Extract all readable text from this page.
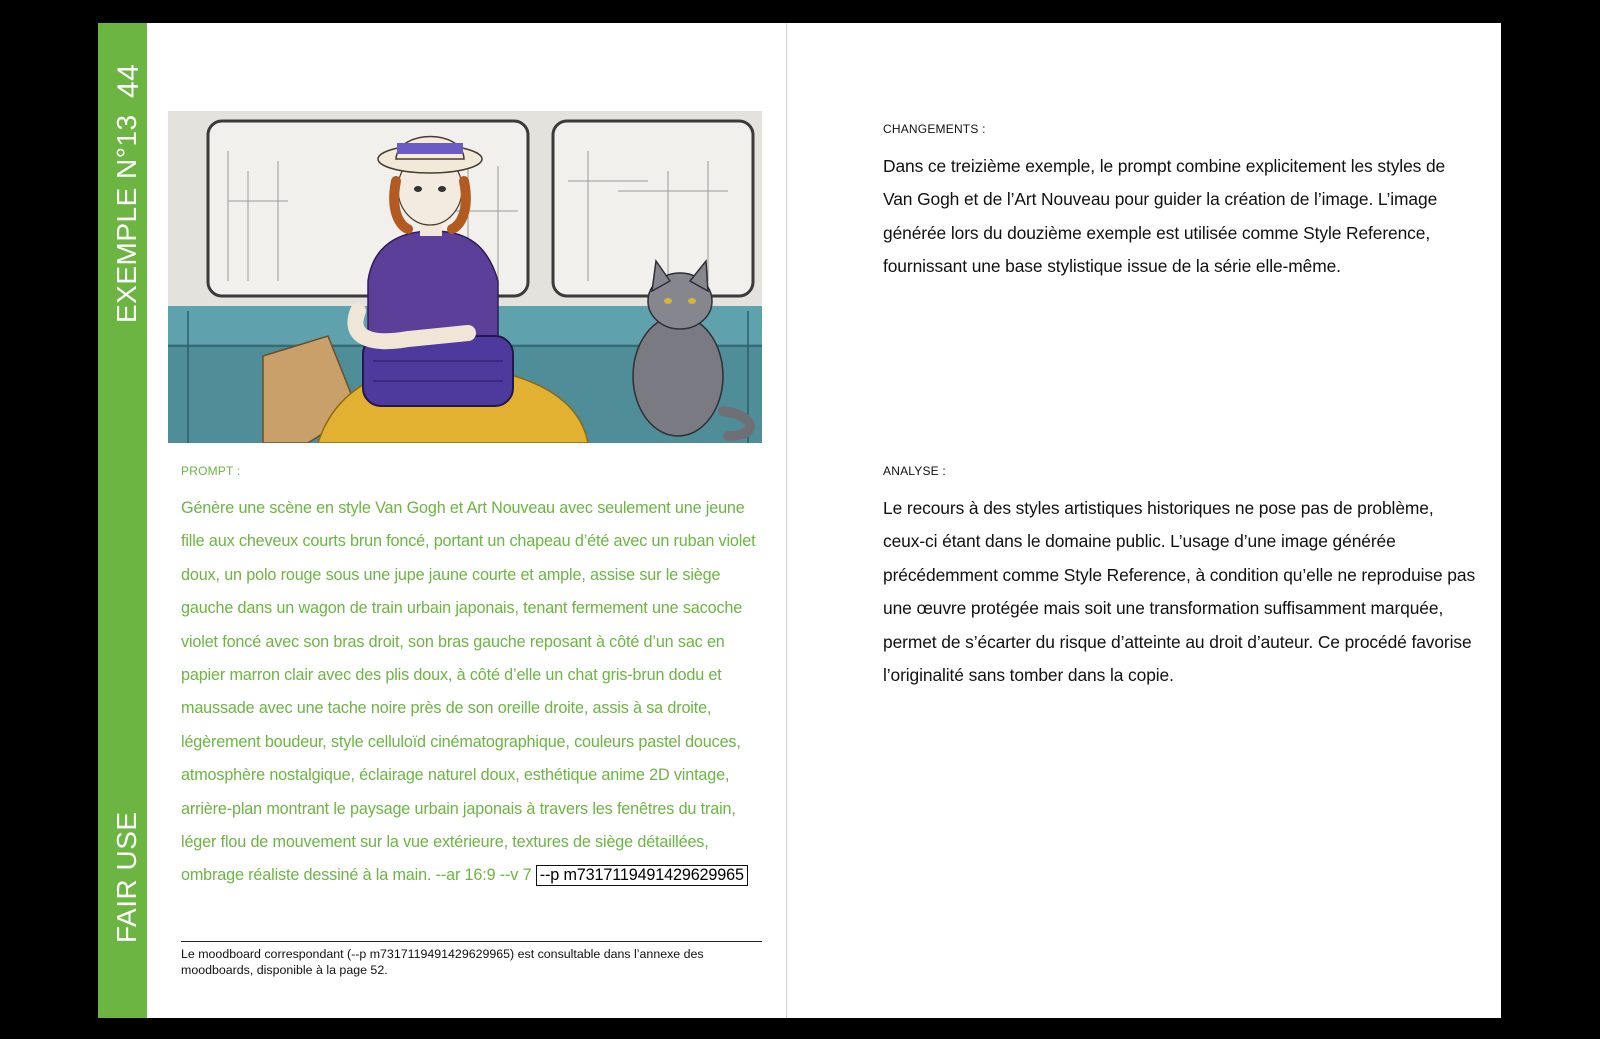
44
EXEMPLE N°13
FAIR USE
PROMPT :
Génère une scène en style Van Gogh et Art Nouveau avec seulement une jeune fille aux cheveux courts brun foncé, portant un chapeau d’été avec un ruban violet doux, un polo rouge sous une jupe jaune courte et ample, assise sur le siège gauche dans un wagon de train urbain japonais, tenant fermement une sacoche violet foncé avec son bras droit, son bras gauche reposant à côté d’un sac en papier marron clair avec des plis doux, à côté d’elle un chat gris-brun dodu et maussade avec une tache noire près de son oreille droite, assis à sa droite, légèrement boudeur, style celluloïd cinématographique, couleurs pastel douces, atmosphère nostalgique, éclairage naturel doux, esthétique anime 2D vintage, arrière-plan montrant le paysage urbain japonais à travers les fenêtres du train, léger flou de mouvement sur la vue extérieure, textures de siège détaillées, ombrage réaliste dessiné à la main. --ar 16:9 --v 7 --p m7317119491429629965
Le moodboard correspondant (--p m7317119491429629965) est consultable dans l’annexe des moodboards, disponible à la page 52.
CHANGEMENTS :
Dans ce treizième exemple, le prompt combine explicitement les styles de Van Gogh et de l’Art Nouveau pour guider la création de l’image. L’image générée lors du douzième exemple est utilisée comme Style Reference, fournissant une base stylistique issue de la série elle-même.
ANALYSE :
Le recours à des styles artistiques historiques ne pose pas de problème, ceux-ci étant dans le domaine public. L’usage d’une image générée précédemment comme Style Reference, à condition qu’elle ne reproduise pas une œuvre protégée mais soit une transformation suffisamment marquée, permet de s’écarter du risque d’atteinte au droit d’auteur. Ce procédé favorise l’originalité sans tomber dans la copie.
